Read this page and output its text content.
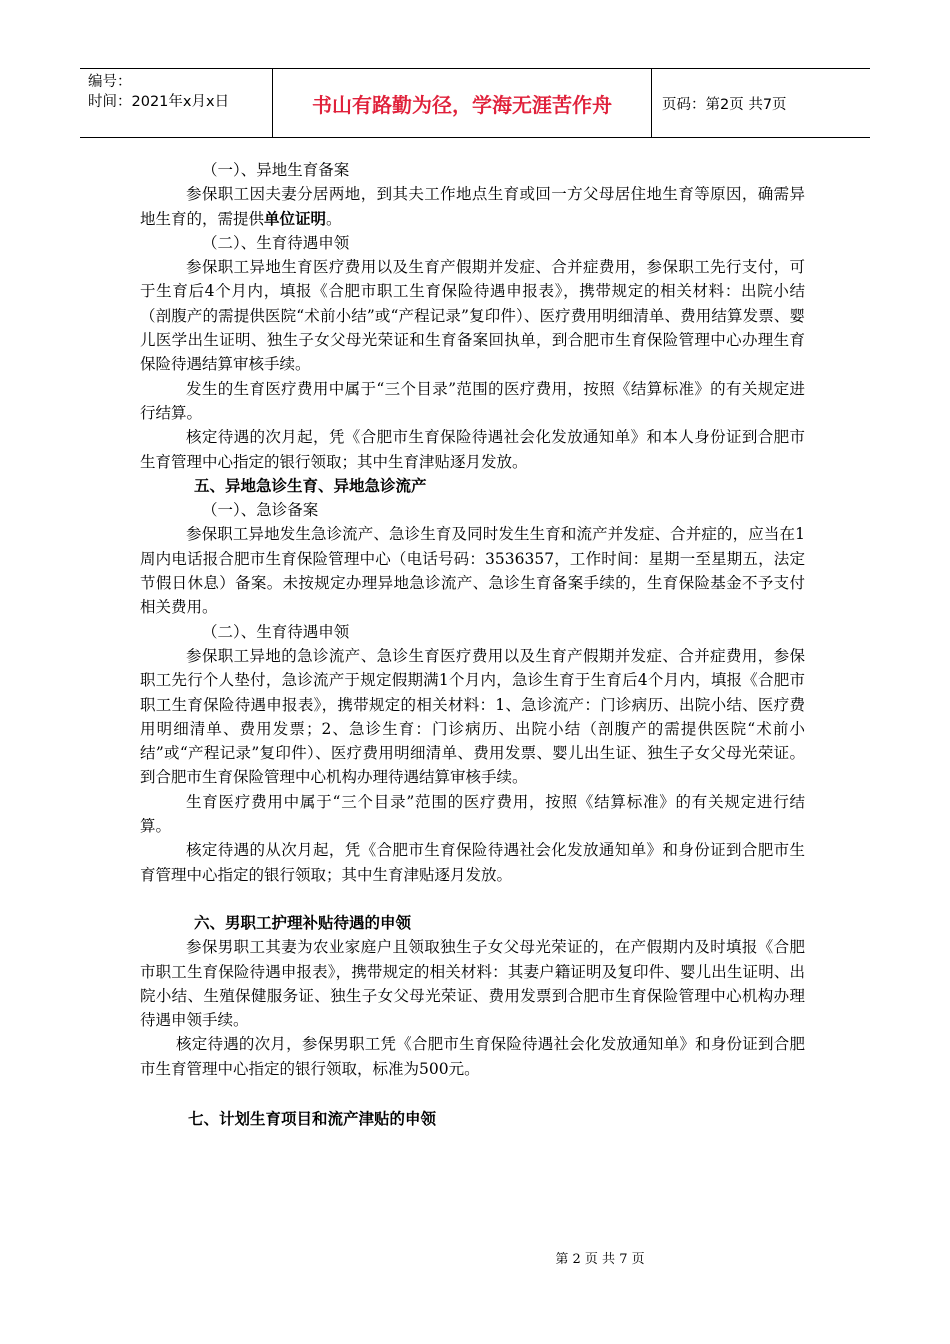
编号：
时间：2021年x月x日	书山有路勤为径，学海无涯苦作舟	页码：第2页 共7页

（一）、异地生育备案

参保职工因夫妻分居两地，到其夫工作地点生育或回一方父母居住地生育等原因，确需异地生育的，需提供单位证明。

（二）、生育待遇申领

参保职工异地生育医疗费用以及生育产假期并发症、合并症费用，参保职工先行支付，可于生育后4个月内，填报《合肥市职工生育保险待遇申报表》，携带规定的相关材料：出院小结（剖腹产的需提供医院“术前小结”或“产程记录”复印件）、医疗费用明细清单、费用结算发票、婴儿医学出生证明、独生子女父母光荣证和生育备案回执单，到合肥市生育保险管理中心办理生育保险待遇结算审核手续。

发生的生育医疗费用中属于“三个目录”范围的医疗费用，按照《结算标准》的有关规定进行结算。

核定待遇的次月起，凭《合肥市生育保险待遇社会化发放通知单》和本人身份证到合肥市生育管理中心指定的银行领取；其中生育津贴逐月发放。

五、异地急诊生育、异地急诊流产

（一）、急诊备案

参保职工异地发生急诊流产、急诊生育及同时发生生育和流产并发症、合并症的，应当在1周内电话报合肥市生育保险管理中心（电话号码：3536357，工作时间：星期一至星期五，法定节假日休息）备案。未按规定办理异地急诊流产、急诊生育备案手续的，生育保险基金不予支付相关费用。

（二）、生育待遇申领

参保职工异地的急诊流产、急诊生育医疗费用以及生育产假期并发症、合并症费用，参保职工先行个人垫付，急诊流产于规定假期满1个月内，急诊生育于生育后4个月内，填报《合肥市职工生育保险待遇申报表》，携带规定的相关材料：1、急诊流产：门诊病历、出院小结、医疗费用明细清单、费用发票；2、急诊生育：门诊病历、出院小结（剖腹产的需提供医院“术前小结”或“产程记录”复印件）、医疗费用明细清单、费用发票、婴儿出生证、独生子女父母光荣证。到合肥市生育保险管理中心机构办理待遇结算审核手续。

生育医疗费用中属于“三个目录”范围的医疗费用，按照《结算标准》的有关规定进行结算。

核定待遇的从次月起，凭《合肥市生育保险待遇社会化发放通知单》和身份证到合肥市生育管理中心指定的银行领取；其中生育津贴逐月发放。

六、男职工护理补贴待遇的申领

参保男职工其妻为农业家庭户且领取独生子女父母光荣证的，在产假期内及时填报《合肥市职工生育保险待遇申报表》，携带规定的相关材料：其妻户籍证明及复印件、婴儿出生证明、出院小结、生殖保健服务证、独生子女父母光荣证、费用发票到合肥市生育保险管理中心机构办理待遇申领手续。

核定待遇的次月，参保男职工凭《合肥市生育保险待遇社会化发放通知单》和身份证到合肥市生育管理中心指定的银行领取，标准为500元。

七、计划生育项目和流产津贴的申领

第 2 页 共 7 页
